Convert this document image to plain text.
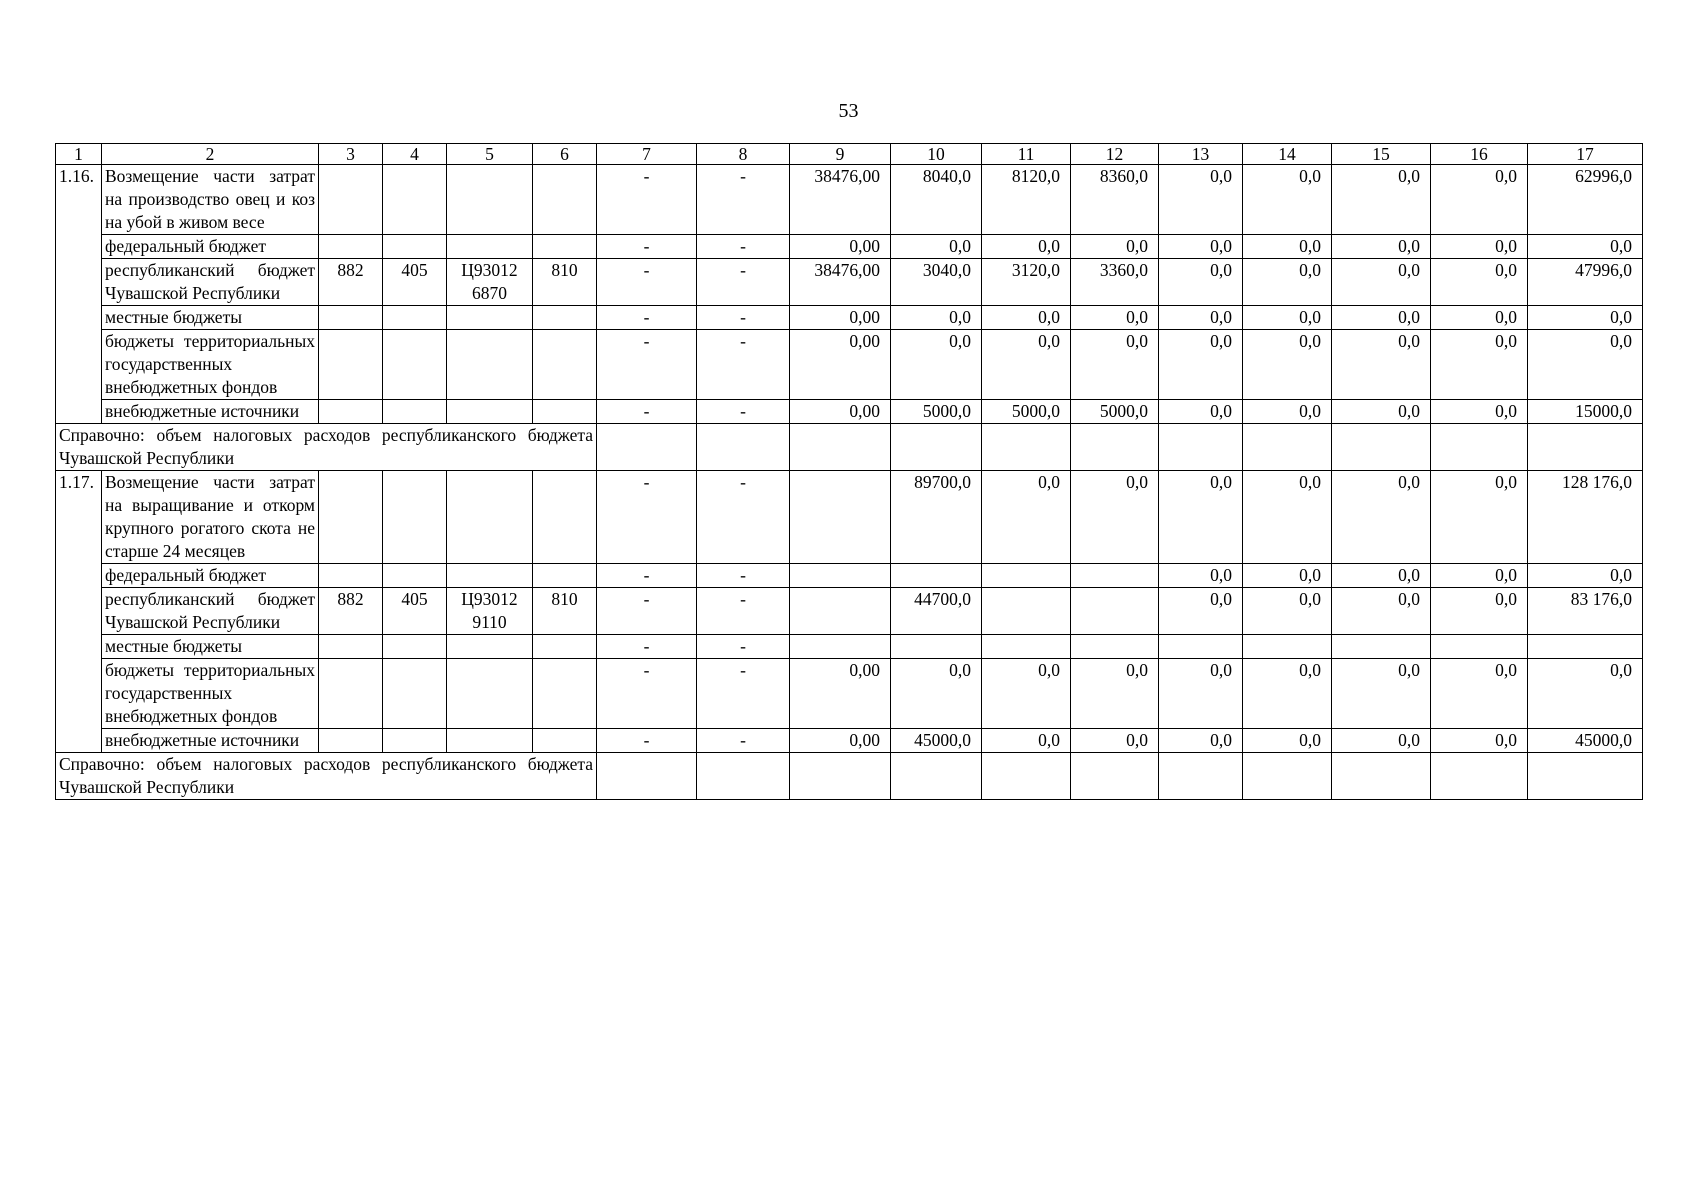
53
1	2	3	4	5	6	7	8	9	10	11	12	13	14	15	16	17
1.16.	Возмещение части затрат на производство овец и коз на убой в живом весе					-	-	38476,00	8040,0	8120,0	8360,0	0,0	0,0	0,0	0,0	62996,0
	федеральный бюджет					-	-	0,00	0,0	0,0	0,0	0,0	0,0	0,0	0,0	0,0
	республиканский бюджет Чувашской Республики	882	405	Ц93012 6870	810	-	-	38476,00	3040,0	3120,0	3360,0	0,0	0,0	0,0	0,0	47996,0
	местные бюджеты					-	-	0,00	0,0	0,0	0,0	0,0	0,0	0,0	0,0	0,0
	бюджеты территориальных государственных внебюджетных фондов					-	-	0,00	0,0	0,0	0,0	0,0	0,0	0,0	0,0	0,0
	внебюджетные источники					-	-	0,00	5000,0	5000,0	5000,0	0,0	0,0	0,0	0,0	15000,0
Справочно: объем налоговых расходов республиканского бюджета Чувашской Республики																
1.17.	Возмещение части затрат на выращивание и откорм крупного рогатого скота не старше 24 месяцев					-	-		89700,0	0,0	0,0	0,0	0,0	0,0	0,0	128 176,0
	федеральный бюджет					-	-					0,0	0,0	0,0	0,0	0,0
	республиканский бюджет Чувашской Республики	882	405	Ц93012 9110	810	-	-		44700,0			0,0	0,0	0,0	0,0	83 176,0
	местные бюджеты					-	-									
	бюджеты территориальных государственных внебюджетных фондов					-	-	0,00	0,0	0,0	0,0	0,0	0,0	0,0	0,0	0,0
	внебюджетные источники					-	-	0,00	45000,0	0,0	0,0	0,0	0,0	0,0	0,0	45000,0
Справочно: объем налоговых расходов республиканского бюджета Чувашской Республики																
